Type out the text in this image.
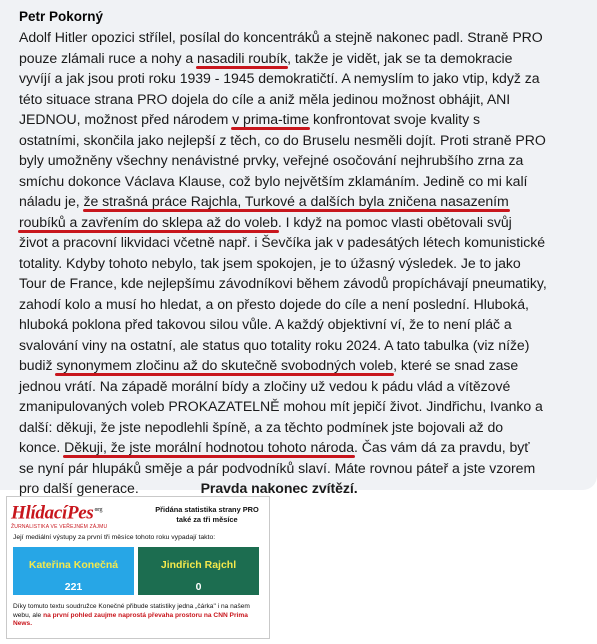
Petr Pokorný
Adolf Hitler opozici střílel, posílal do koncentráků a stejně nakonec padl. Straně PRO
pouze zlámali ruce a nohy a nasadili roubík, takže je vidět, jak se ta demokracie
vyvíjí a jak jsou proti roku 1939 - 1945 demokratičtí. A nemyslím to jako vtip, když za
této situace strana PRO dojela do cíle a aniž měla jedinou možnost obhájit, ANI
JEDNOU, možnost před národem v prima-time konfrontovat svoje kvality s
ostatními, skončila jako nejlepší z těch, co do Bruselu nesměli dojít. Proti straně PRO
byly umožněny všechny nenávistné prvky, veřejné osočování nejhrubšího zrna za
smíchu dokonce Václava Klause, což bylo největším zklamáním. Jedině co mi kalí
náladu je, že strašná práce Rajchla, Turkové a dalších byla zničena nasazením
roubíků a zavřením do sklepa až do voleb. I když na pomoc vlasti obětovali svůj
život a pracovní likvidaci včetně např. i Ševčíka jak v padesátých létech komunistické
totality. Kdyby tohoto nebylo, tak jsem spokojen, je to úžasný výsledek. Je to jako
Tour de France, kde nejlepšímu závodníkovi během závodů propíchávají pneumatiky,
zahodí kolo a musí ho hledat, a on přesto dojede do cíle a není poslední. Hluboká,
hluboká poklona před takovou silou vůle. A každý objektivní ví, že to není pláč a
svalování viny na ostatní, ale status quo totality roku 2024. A tato tabulka (viz níže)
budiž synonymem zločinu až do skutečně svobodných voleb, které se snad zase
jednou vrátí. Na západě morální bídy a zločiny už vedou k pádu vlád a vítězové
zmanipulovaných voleb PROKAZATELNĚ mohou mít jepičí život. Jindřichu, Ivanko a
další: děkuji, že jste nepodlehli špíně, a za těchto podmínek jste bojovali až do
konce. Děkuji, že jste morální hodnotou tohoto národa. Čas vám dá za pravdu, byť
se nyní pár hlupáků směje a pár podvodníků slaví. Máte rovnou páteř a jste vzorem
pro další generace.                Pravda nakonec zvítězí.
HlídacíPes$^{org}$
ŽURNALISTIKA VE VEŘEJNÉM ZÁJMU
Přidána statistika strany PRO také za tři měsíce
Její mediální výstupy za první tři měsíce tohoto roku vypadají takto:
Kateřina Konečná
221
Jindřich Rajchl
0
Díky tomuto textu soudružce Konečné přibude statistiky jedna „čárka" i na našem webu, ale na první pohled zaujme naprostá převaha prostoru na CNN Prima News.
